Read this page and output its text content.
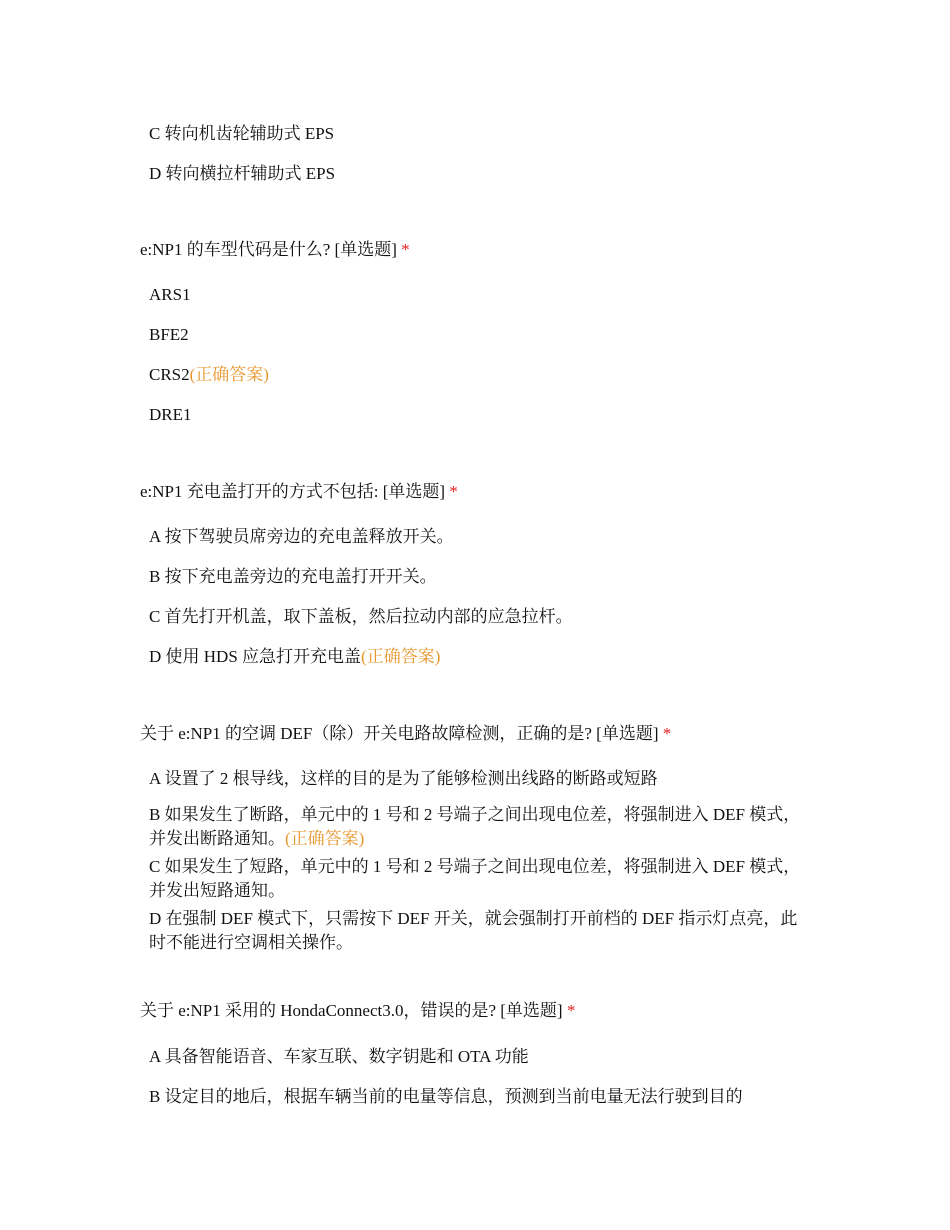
C 转向机齿轮辅助式 EPS
D 转向横拉杆辅助式 EPS
e:NP1 的车型代码是什么? [单选题] *
ARS1
BFE2
CRS2(正确答案)
DRE1
e:NP1 充电盖打开的方式不包括: [单选题] *
A 按下驾驶员席旁边的充电盖释放开关。
B 按下充电盖旁边的充电盖打开开关。
C 首先打开机盖，取下盖板，然后拉动内部的应急拉杆。
D 使用 HDS 应急打开充电盖(正确答案)
关于 e:NP1 的空调 DEF（除）开关电路故障检测，正确的是? [单选题] *
A 设置了 2 根导线，这样的目的是为了能够检测出线路的断路或短路
B 如果发生了断路，单元中的 1 号和 2 号端子之间出现电位差，将强制进入 DEF 模式，并发出断路通知。(正确答案)
C 如果发生了短路，单元中的 1 号和 2 号端子之间出现电位差，将强制进入 DEF 模式，并发出短路通知。
D 在强制 DEF 模式下，只需按下 DEF 开关，就会强制打开前档的 DEF 指示灯点亮，此时不能进行空调相关操作。
关于 e:NP1 采用的 HondaConnect3.0，错误的是? [单选题] *
A 具备智能语音、车家互联、数字钥匙和 OTA 功能
B 设定目的地后，根据车辆当前的电量等信息，预测到当前电量无法行驶到目的
